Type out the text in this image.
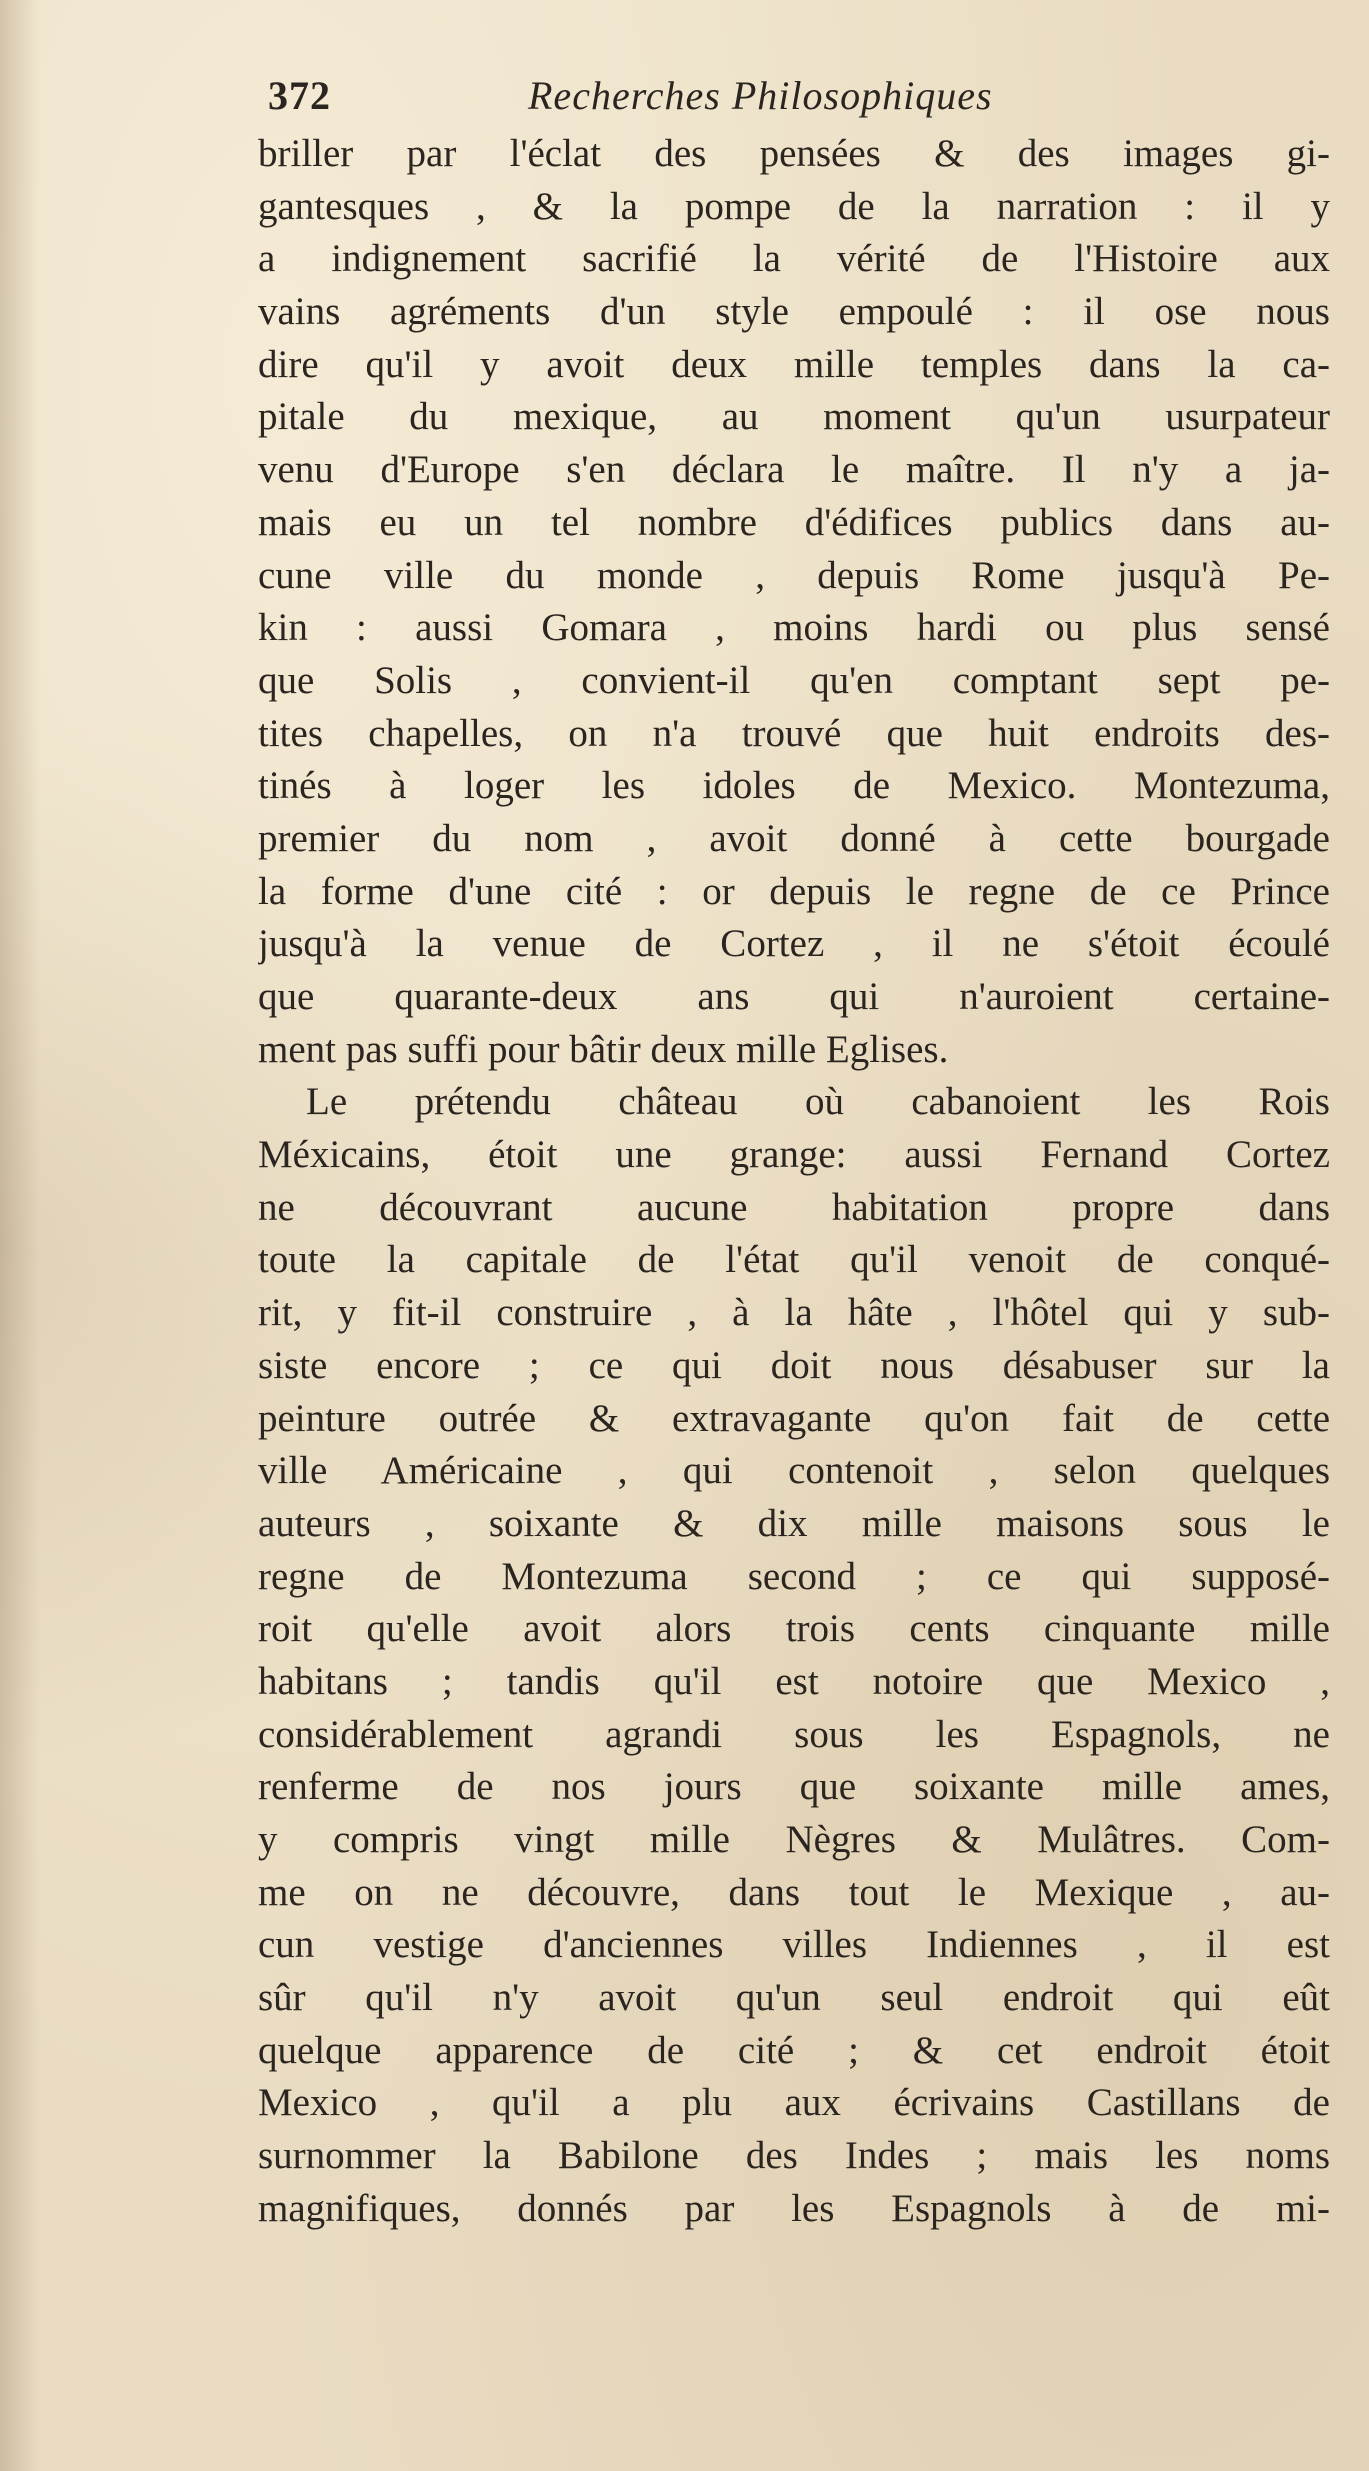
372	Recherches Philosophiques
briller par l'éclat des pensées & des images gi-
gantesques , & la pompe de la narration : il y
a indignement sacrifié la vérité de l'Histoire aux
vains agréments d'un style empoulé : il ose nous
dire qu'il y avoit deux mille temples dans la ca-
pitale du mexique, au moment qu'un usurpateur
venu d'Europe s'en déclara le maître. Il n'y a ja-
mais eu un tel nombre d'édifices publics dans au-
cune ville du monde , depuis Rome jusqu'à Pe-
kin : aussi Gomara , moins hardi ou plus sensé
que Solis , convient-il qu'en comptant sept pe-
tites chapelles, on n'a trouvé que huit endroits des-
tinés à loger les idoles de Mexico. Montezuma,
premier du nom , avoit donné à cette bourgade
la forme d'une cité : or depuis le regne de ce Prince
jusqu'à la venue de Cortez , il ne s'étoit écoulé
que quarante-deux ans qui n'auroient certaine-
ment pas suffi pour bâtir deux mille Eglises.
Le prétendu château où cabanoient les Rois
Méxicains, étoit une grange: aussi Fernand Cortez
ne découvrant aucune habitation propre dans
toute la capitale de l'état qu'il venoit de conqué-
rit, y fit-il construire , à la hâte , l'hôtel qui y sub-
siste encore ; ce qui doit nous désabuser sur la
peinture outrée & extravagante qu'on fait de cette
ville Américaine , qui contenoit , selon quelques
auteurs , soixante & dix mille maisons sous le
regne de Montezuma second ; ce qui supposé-
roit qu'elle avoit alors trois cents cinquante mille
habitans ; tandis qu'il est notoire que Mexico ,
considérablement agrandi sous les Espagnols, ne
renferme de nos jours que soixante mille ames,
y compris vingt mille Nègres & Mulâtres. Com-
me on ne découvre, dans tout le Mexique , au-
cun vestige d'anciennes villes Indiennes , il est
sûr qu'il n'y avoit qu'un seul endroit qui eût
quelque apparence de cité ; & cet endroit étoit
Mexico , qu'il a plu aux écrivains Castillans de
surnommer la Babilone des Indes ; mais les noms
magnifiques, donnés par les Espagnols à de mi-
